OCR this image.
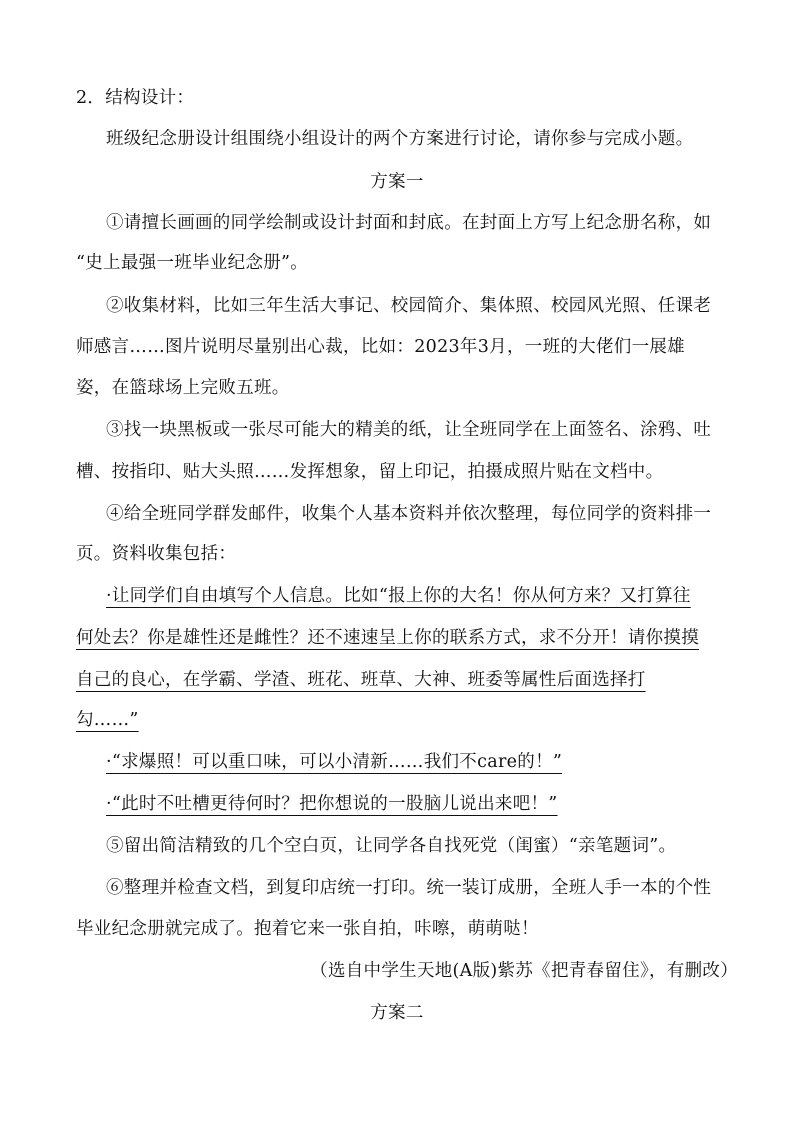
2．结构设计：
班级纪念册设计组围绕小组设计的两个方案进行讨论，请你参与完成小题。
方案一
①请擅长画画的同学绘制或设计封面和封底。在封面上方写上纪念册名称，如
“史上最强一班毕业纪念册”。
②收集材料，比如三年生活大事记、校园简介、集体照、校园风光照、任课老
师感言……图片说明尽量别出心裁，比如：2023年3月，一班的大佬们一展雄
姿，在篮球场上完败五班。
③找一块黑板或一张尽可能大的精美的纸，让全班同学在上面签名、涂鸦、吐
槽、按指印、贴大头照……发挥想象，留上印记，拍摄成照片贴在文档中。
④给全班同学群发邮件，收集个人基本资料并依次整理，每位同学的资料排一
页。资料收集包括：
·让同学们自由填写个人信息。比如“报上你的大名！你从何方来？又打算往
何处去？你是雄性还是雌性？还不速速呈上你的联系方式，求不分开！请你摸摸
自己的良心，在学霸、学渣、班花、班草、大神、班委等属性后面选择打
勾……”
·“求爆照！可以重口味，可以小清新……我们不care的！”
·“此时不吐槽更待何时？把你想说的一股脑儿说出来吧！”
⑤留出简洁精致的几个空白页，让同学各自找死党（闺蜜）“亲笔题词”。
⑥整理并检查文档，到复印店统一打印。统一装订成册，全班人手一本的个性
毕业纪念册就完成了。抱着它来一张自拍，咔嚓，萌萌哒！
（选自中学生天地(A版)紫苏《把青春留住》，有删改）
方案二
